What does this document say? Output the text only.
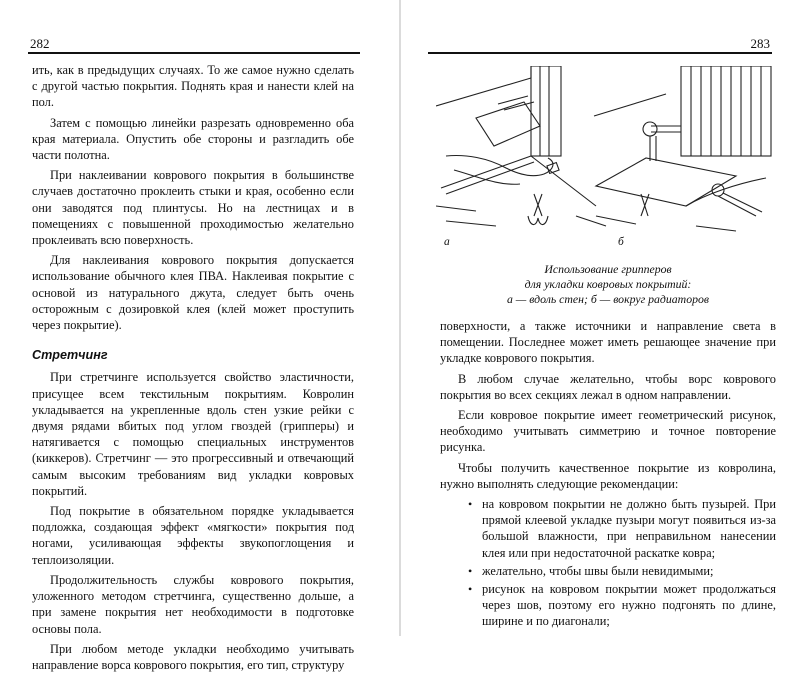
282

ить, как в предыдущих случаях. То же самое нужно сделать с другой частью покрытия. Поднять края и нанести клей на пол.

Затем с помощью линейки разрезать одновременно оба края материала. Опустить обе стороны и разгладить обе части полотна.

При наклеивании коврового покрытия в большинстве случаев достаточно проклеить стыки и края, особенно если они заводятся под плинтусы. Но на лестницах и в помещениях с повышенной проходимостью желательно проклеивать всю поверхность.

Для наклеивания коврового покрытия допускается использование обычного клея ПВА. Наклеивая покрытие с основой из натурального джута, следует быть очень осторожным с дозировкой клея (клей может проступить через покрытие).

Стретчинг

При стретчинге используется свойство эластичности, присущее всем текстильным покрытиям. Ковролин укладывается на укрепленные вдоль стен узкие рейки с двумя рядами вбитых под углом гвоздей (грипперы) и натягивается с помощью специальных инструментов (киккеров). Стретчинг — это прогрессивный и отвечающий самым высоким требованиям вид укладки ковровых покрытий.

Под покрытие в обязательном порядке укладывается подложка, создающая эффект «мягкости» покрытия под ногами, усиливающая эффекты звукопоглощения и теплоизоляции.

Продолжительность службы коврового покрытия, уложенного методом стретчинга, существенно дольше, а при замене покрытия нет необходимости в подготовке основы пола.

При любом методе укладки необходимо учитывать направление ворса коврового покрытия, его тип, структуру

283
а	б
Использование грипперов
для укладки ковровых покрытий:
а — вдоль стен; б — вокруг радиаторов

поверхности, а также источники и направление света в помещении. Последнее может иметь решающее значение при укладке коврового покрытия.

В любом случае желательно, чтобы ворс коврового покрытия во всех секциях лежал в одном направлении.

Если ковровое покрытие имеет геометрический рисунок, необходимо учитывать симметрию и точное повторение рисунка.

Чтобы получить качественное покрытие из ковролина, нужно выполнять следующие рекомендации:

• на ковровом покрытии не должно быть пузырей. При прямой клеевой укладке пузыри могут появиться из-за большой влажности, при неправильном нанесении клея или при недостаточной раскатке ковра;
• желательно, чтобы швы были невидимыми;
• рисунок на ковровом покрытии может продолжаться через шов, поэтому его нужно подгонять по длине, ширине и по диагонали;
